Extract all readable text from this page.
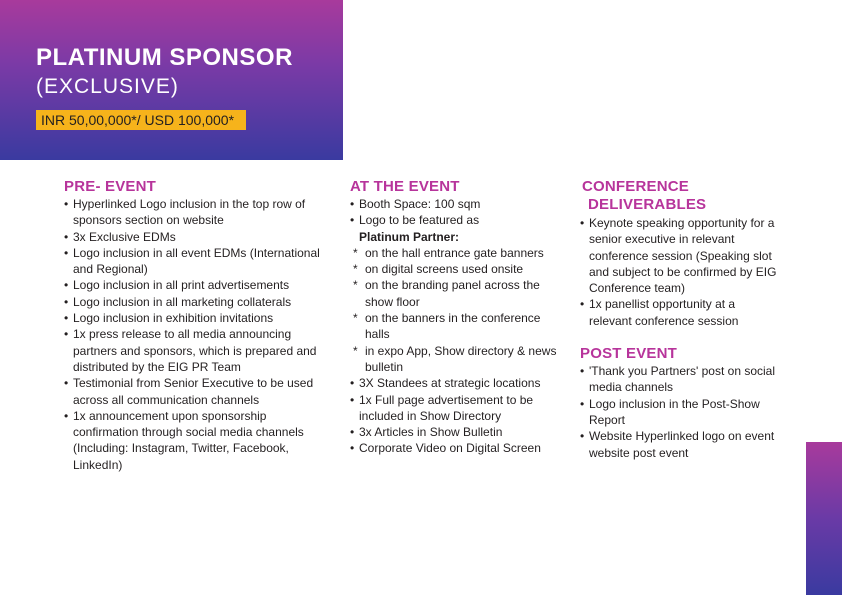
PLATINUM SPONSOR
(EXCLUSIVE)
INR 50,00,000*/ USD 100,000*
PRE- EVENT
• Hyperlinked Logo inclusion in the top row of sponsors section on website
• 3x Exclusive EDMs
• Logo inclusion in all event EDMs (International and Regional)
• Logo inclusion in all print advertisements
• Logo inclusion in all marketing collaterals
• Logo inclusion in exhibition invitations
• 1x press release to all media announcing partners and sponsors, which is prepared and distributed by the EIG PR Team
• Testimonial from Senior Executive to be used across all communication channels
• 1x announcement upon sponsorship confirmation through social media channels (Including: Instagram, Twitter, Facebook, LinkedIn)
AT THE EVENT
• Booth Space: 100 sqm
• Logo to be featured as
Platinum Partner:
* on the hall entrance gate banners
* on digital screens used onsite
* on the branding panel across the show floor
* on the banners in the conference halls
* in expo App, Show directory & news bulletin
• 3X Standees at strategic locations
• 1x Full page advertisement to be included in Show Directory
• 3x Articles in Show Bulletin
• Corporate Video on Digital Screen
CONFERENCE
DELIVERABLES
• Keynote speaking opportunity for a senior executive in relevant conference session (Speaking slot and subject to be confirmed by EIG Conference team)
• 1x panellist opportunity at a relevant conference session
POST EVENT
• 'Thank you Partners' post on social media channels
• Logo inclusion in the Post-Show Report
• Website Hyperlinked logo on event website post event
